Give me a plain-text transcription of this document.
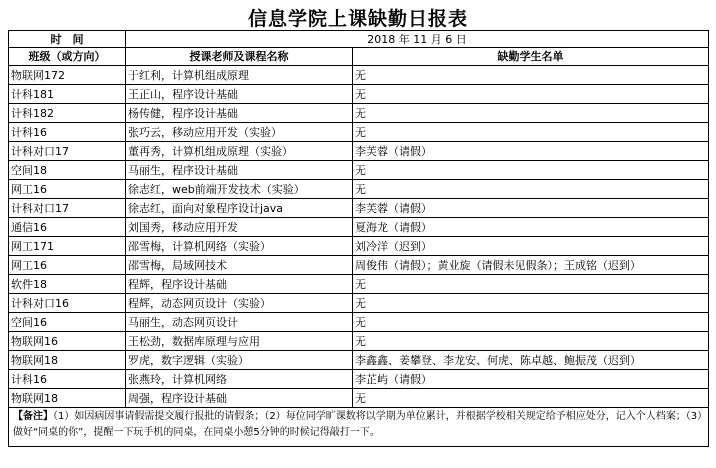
信息学院上课缺勤日报表
时　间	2018 年 11 月 6 日	
班级（或方向）	授课老师及课程名称	缺勤学生名单
物联网172	于红利，计算机组成原理	无
计科181	王正山，程序设计基础	无
计科182	杨传健，程序设计基础	无
计科16	张巧云，移动应用开发（实验）	无
计科对口17	董再秀，计算机组成原理（实验）	李芙蓉（请假）
空间18	马丽生，程序设计基础	无
网工16	徐志红，web前端开发技术（实验）	无
计科对口17	徐志红，面向对象程序设计java	李芙蓉（请假）
通信16	刘国秀，移动应用开发	夏海龙（请假）
网工171	邵雪梅，计算机网络（实验）	刘冷洋（迟到）
网工16	邵雪梅，局域网技术	周俊伟（请假）；黄业旋（请假未见假条）；王成铭（迟到）
软件18	程辉，程序设计基础	无
计科对口16	程辉，动态网页设计（实验）	无
空间16	马丽生，动态网页设计	无
物联网16	王松劲，数据库原理与应用	无
物联网18	罗虎，数字逻辑（实验）	李鑫鑫、姜攀登、李龙安、何虎、陈卓越、鲍振茂（迟到）
计科16	张燕玲，计算机网络	李芷屿（请假）
物联网18	周强，程序设计基础	无
【备注】（1）如因病因事请假需提交履行报批的请假条；（2）每位同学旷课数将以学期为单位累计，并根据学校相关规定给予相应处分，记入个人档案；（3）做好“同桌的你”，提醒一下玩手机的同桌，在同桌小憩5分钟的时候记得敲打一下。		
